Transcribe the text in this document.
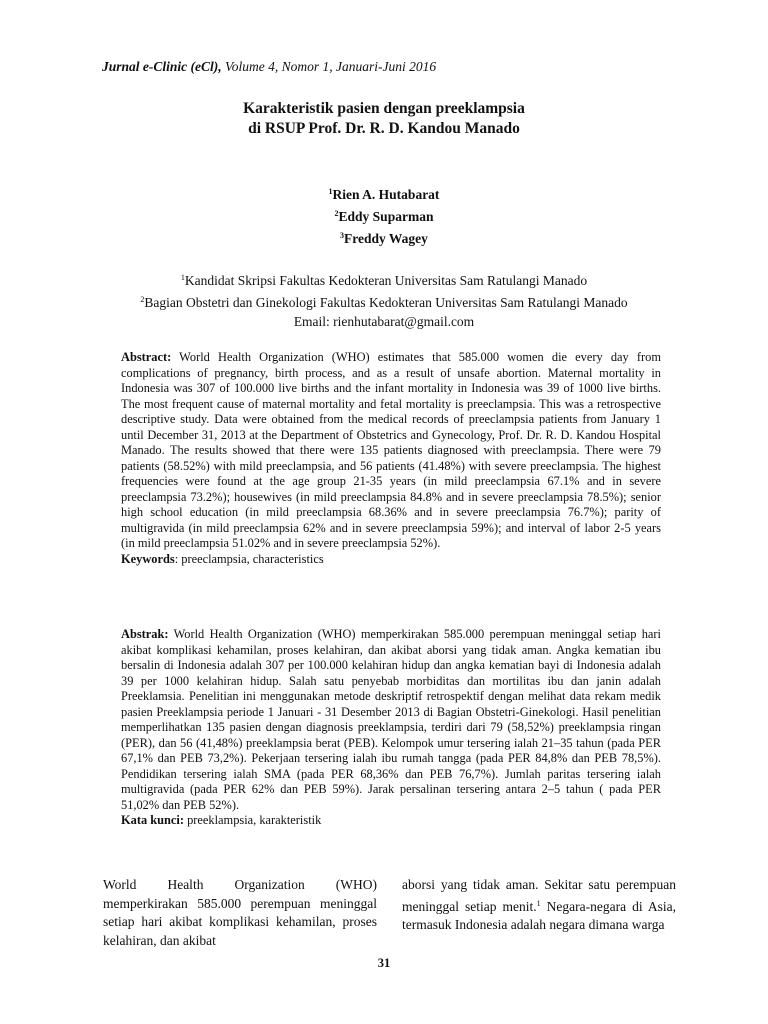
Jurnal e-Clinic (eCl), Volume 4, Nomor 1, Januari-Juni 2016
Karakteristik pasien dengan preeklampsia
di RSUP Prof. Dr. R. D. Kandou Manado
$^1$Rien A. Hutabarat
$^2$Eddy Suparman
$^3$Freddy Wagey
$^1$Kandidat Skripsi Fakultas Kedokteran Universitas Sam Ratulangi Manado
$^2$Bagian Obstetri dan Ginekologi Fakultas Kedokteran Universitas Sam Ratulangi Manado
Email: rienhutabarat@gmail.com

Abstract: World Health Organization (WHO) estimates that 585.000 women die every day from complications of pregnancy, birth process, and as a result of unsafe abortion. Maternal mortality in Indonesia was 307 of 100.000 live births and the infant mortality in Indonesia was 39 of 1000 live births. The most frequent cause of maternal mortality and fetal mortality is preeclampsia. This was a retrospective descriptive study. Data were obtained from the medical records of preeclampsia patients from January 1 until December 31, 2013 at the Department of Obstetrics and Gynecology, Prof. Dr. R. D. Kandou Hospital Manado. The results showed that there were 135 patients diagnosed with preeclampsia. There were 79 patients (58.52%) with mild preeclampsia, and 56 patients (41.48%) with severe preeclampsia. The highest frequencies were found at the age group 21-35 years (in mild preeclampsia 67.1% and in severe preeclampsia 73.2%); housewives (in mild preeclampsia 84.8% and in severe preeclampsia 78.5%); senior high school education (in mild preeclampsia 68.36% and in severe preeclampsia 76.7%); parity of multigravida (in mild preeclampsia 62% and in severe preeclampsia 59%); and interval of labor 2-5 years (in mild preeclampsia 51.02% and in severe preeclampsia 52%).

Keywords: preeclampsia, characteristics

Abstrak: World Health Organization (WHO) memperkirakan 585.000 perempuan meninggal setiap hari akibat komplikasi kehamilan, proses kelahiran, dan akibat aborsi yang tidak aman. Angka kematian ibu bersalin di Indonesia adalah 307 per 100.000 kelahiran hidup dan angka kematian bayi di Indonesia adalah 39 per 1000 kelahiran hidup. Salah satu penyebab morbiditas dan mortilitas ibu dan janin adalah Preeklamsia. Penelitian ini menggunakan metode deskriptif retrospektif dengan melihat data rekam medik pasien Preeklampsia periode 1 Januari - 31 Desember 2013 di Bagian Obstetri-Ginekologi. Hasil penelitian memperlihatkan 135 pasien dengan diagnosis preeklampsia, terdiri dari 79 (58,52%) preeklampsia ringan (PER), dan 56 (41,48%) preeklampsia berat (PEB). Kelompok umur tersering ialah 21–35 tahun (pada PER 67,1% dan PEB 73,2%). Pekerjaan tersering ialah ibu rumah tangga (pada PER 84,8% dan PEB 78,5%). Pendidikan tersering ialah SMA (pada PER 68,36% dan PEB 76,7%). Jumlah paritas tersering ialah multigravida (pada PER 62% dan PEB 59%). Jarak persalinan tersering antara 2–5 tahun ( pada PER 51,02% dan PEB 52%).

Kata kunci: preeklampsia, karakteristik

World Health Organization (WHO) memperkirakan 585.000 perempuan meninggal setiap hari akibat komplikasi kehamilan, proses kelahiran, dan akibat
aborsi yang tidak aman. Sekitar satu perempuan meninggal setiap menit.$^1$ Negara-negara di Asia, termasuk Indonesia adalah negara dimana warga
31
